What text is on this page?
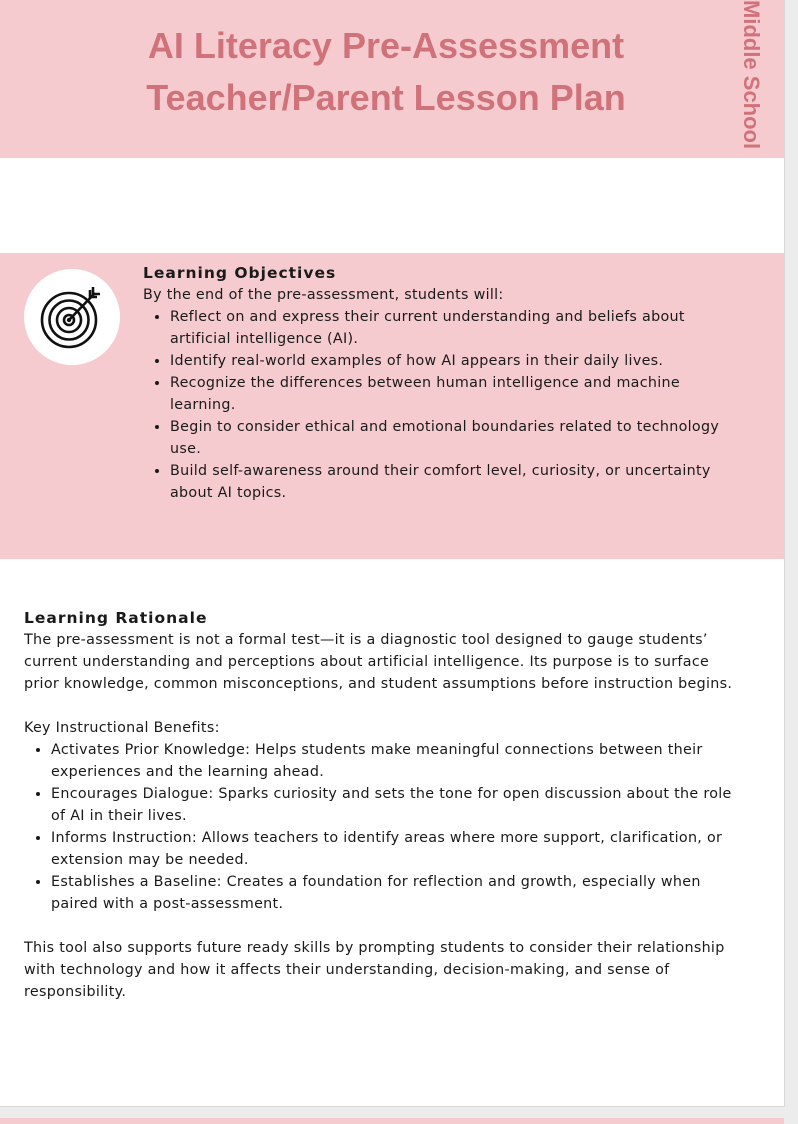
AI Literacy Pre-Assessment
Teacher/Parent Lesson Plan	Middle School

Learning Objectives

By the end of the pre-assessment, students will:

• Reflect on and express their current understanding and beliefs about artificial intelligence (AI).
• Identify real-world examples of how AI appears in their daily lives.
• Recognize the differences between human intelligence and machine learning.
• Begin to consider ethical and emotional boundaries related to technology use.
• Build self-awareness around their comfort level, curiosity, or uncertainty about AI topics.

Learning Rationale

The pre-assessment is not a formal test—it is a diagnostic tool designed to gauge students’ current understanding and perceptions about artificial intelligence. Its purpose is to surface prior knowledge, common misconceptions, and student assumptions before instruction begins.

Key Instructional Benefits:

• Activates Prior Knowledge: Helps students make meaningful connections between their experiences and the learning ahead.
• Encourages Dialogue: Sparks curiosity and sets the tone for open discussion about the role of AI in their lives.
• Informs Instruction: Allows teachers to identify areas where more support, clarification, or extension may be needed.
• Establishes a Baseline: Creates a foundation for reflection and growth, especially when paired with a post-assessment.

This tool also supports future ready skills by prompting students to consider their relationship with technology and how it affects their understanding, decision-making, and sense of responsibility.
